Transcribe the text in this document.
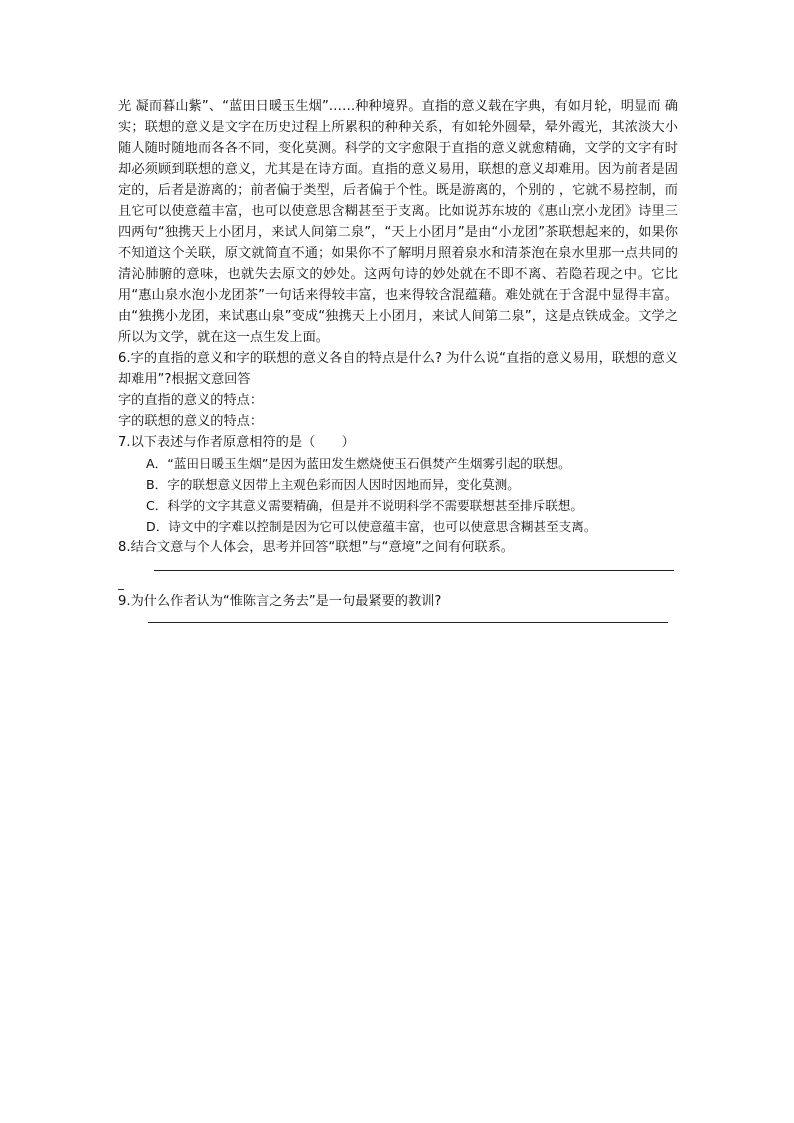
光 凝而暮山紫”、“蓝田日暖玉生烟”……种种境界。直指的意义载在字典，有如月轮，明显而 确实；联想的意义是文字在历史过程上所累积的种种关系，有如轮外圆晕，晕外霞光，其浓淡大小随人随时随地而各各不同，变化莫测。科学的文字愈限于直指的意义就愈精确，文学的文字有时却必须顾到联想的意义，尤其是在诗方面。直指的意义易用，联想的意义却难用。因为前者是固定的，后者是游离的；前者偏于类型，后者偏于个性。既是游离的，个别的 ，它就不易控制，而且它可以使意蕴丰富，也可以使意思含糊甚至于支离。比如说苏东坡的《惠山烹小龙团》诗里三四两句“独携天上小团月，来试人间第二泉”，“天上小团月”是由“小龙团”茶联想起来的，如果你不知道这个关联，原文就简直不通；如果你不了解明月照着泉水和清茶泡在泉水里那一点共同的清沁肺腑的意味，也就失去原文的妙处。这两句诗的妙处就在不即不离、若隐若现之中。它比用“惠山泉水泡小龙团茶”一句话来得较丰富，也来得较含混蕴藉。难处就在于含混中显得丰富。由“独携小龙团，来试惠山泉”变成“独携天上小团月，来试人间第二泉”，这是点铁成金。文学之所以为文学，就在这一点生发上面。

6.字的直指的意义和字的联想的意义各自的特点是什么? 为什么说“直指的意义易用，联想的意义却难用”?根据文意回答

字的直指的意义的特点：

字的联想的意义的特点：

7.以下表述与作者原意相符的是（　　）

A．“蓝田日暖玉生烟”是因为蓝田发生燃烧使玉石俱焚产生烟雾引起的联想。

B．字的联想意义因带上主观色彩而因人因时因地而异，变化莫测。

C．科学的文字其意义需要精确，但是并不说明科学不需要联想甚至排斥联想。

D．诗文中的字难以控制是因为它可以使意蕴丰富，也可以使意思含糊甚至支离。

8.结合文意与个人体会，思考并回答“联想”与“意境”之间有何联系。

_

9.为什么作者认为“惟陈言之务去”是一句最紧要的教训?
